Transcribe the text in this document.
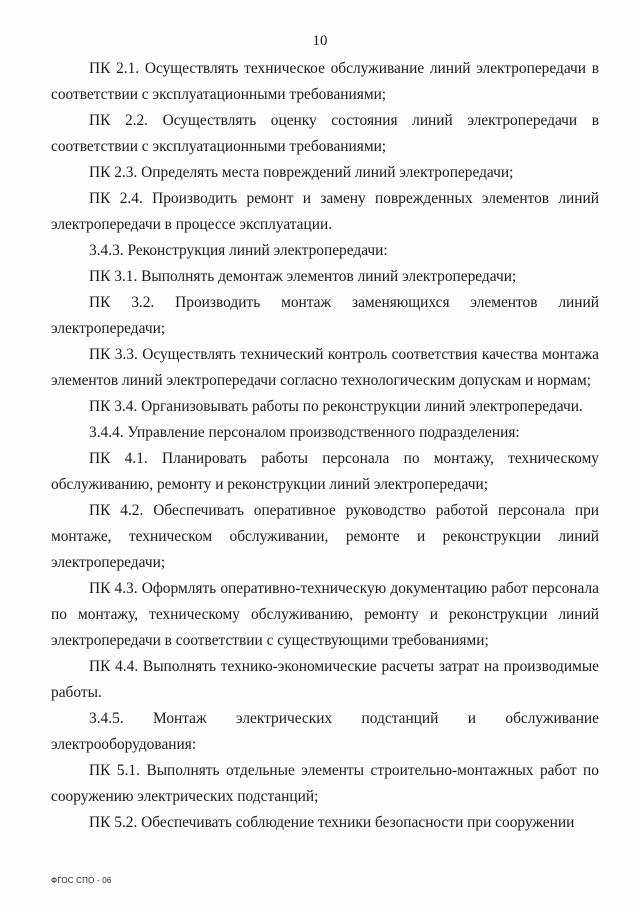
10

ПК 2.1. Осуществлять техническое обслуживание линий электропередачи в соответствии с эксплуатационными требованиями;

ПК 2.2. Осуществлять оценку состояния линий электропередачи в соответствии с эксплуатационными требованиями;

ПК 2.3. Определять места повреждений линий электропередачи;

ПК 2.4. Производить ремонт и замену поврежденных элементов линий электропередачи в процессе эксплуатации.

3.4.3. Реконструкция линий электропередачи:

ПК 3.1. Выполнять демонтаж элементов линий электропередачи;

ПК 3.2. Производить монтаж заменяющихся элементов линий электропередачи;

ПК 3.3. Осуществлять технический контроль соответствия качества монтажа элементов линий электропередачи согласно технологическим допускам и нормам;

ПК 3.4. Организовывать работы по реконструкции линий электропередачи.

3.4.4. Управление персоналом производственного подразделения:

ПК 4.1. Планировать работы персонала по монтажу, техническому обслуживанию, ремонту и реконструкции линий электропередачи;

ПК 4.2. Обеспечивать оперативное руководство работой персонала при монтаже, техническом обслуживании, ремонте и реконструкции линий электропередачи;

ПК 4.3. Оформлять оперативно-техническую документацию работ персонала по монтажу, техническому обслуживанию, ремонту и реконструкции линий электропередачи в соответствии с существующими требованиями;

ПК 4.4. Выполнять технико-экономические расчеты затрат на производимые работы.

3.4.5. Монтаж электрических подстанций и обслуживание электрооборудования:

ПК 5.1. Выполнять отдельные элементы строительно-монтажных работ по сооружению электрических подстанций;

ПК 5.2. Обеспечивать соблюдение техники безопасности при сооружении

ФГОС СПО - 06
